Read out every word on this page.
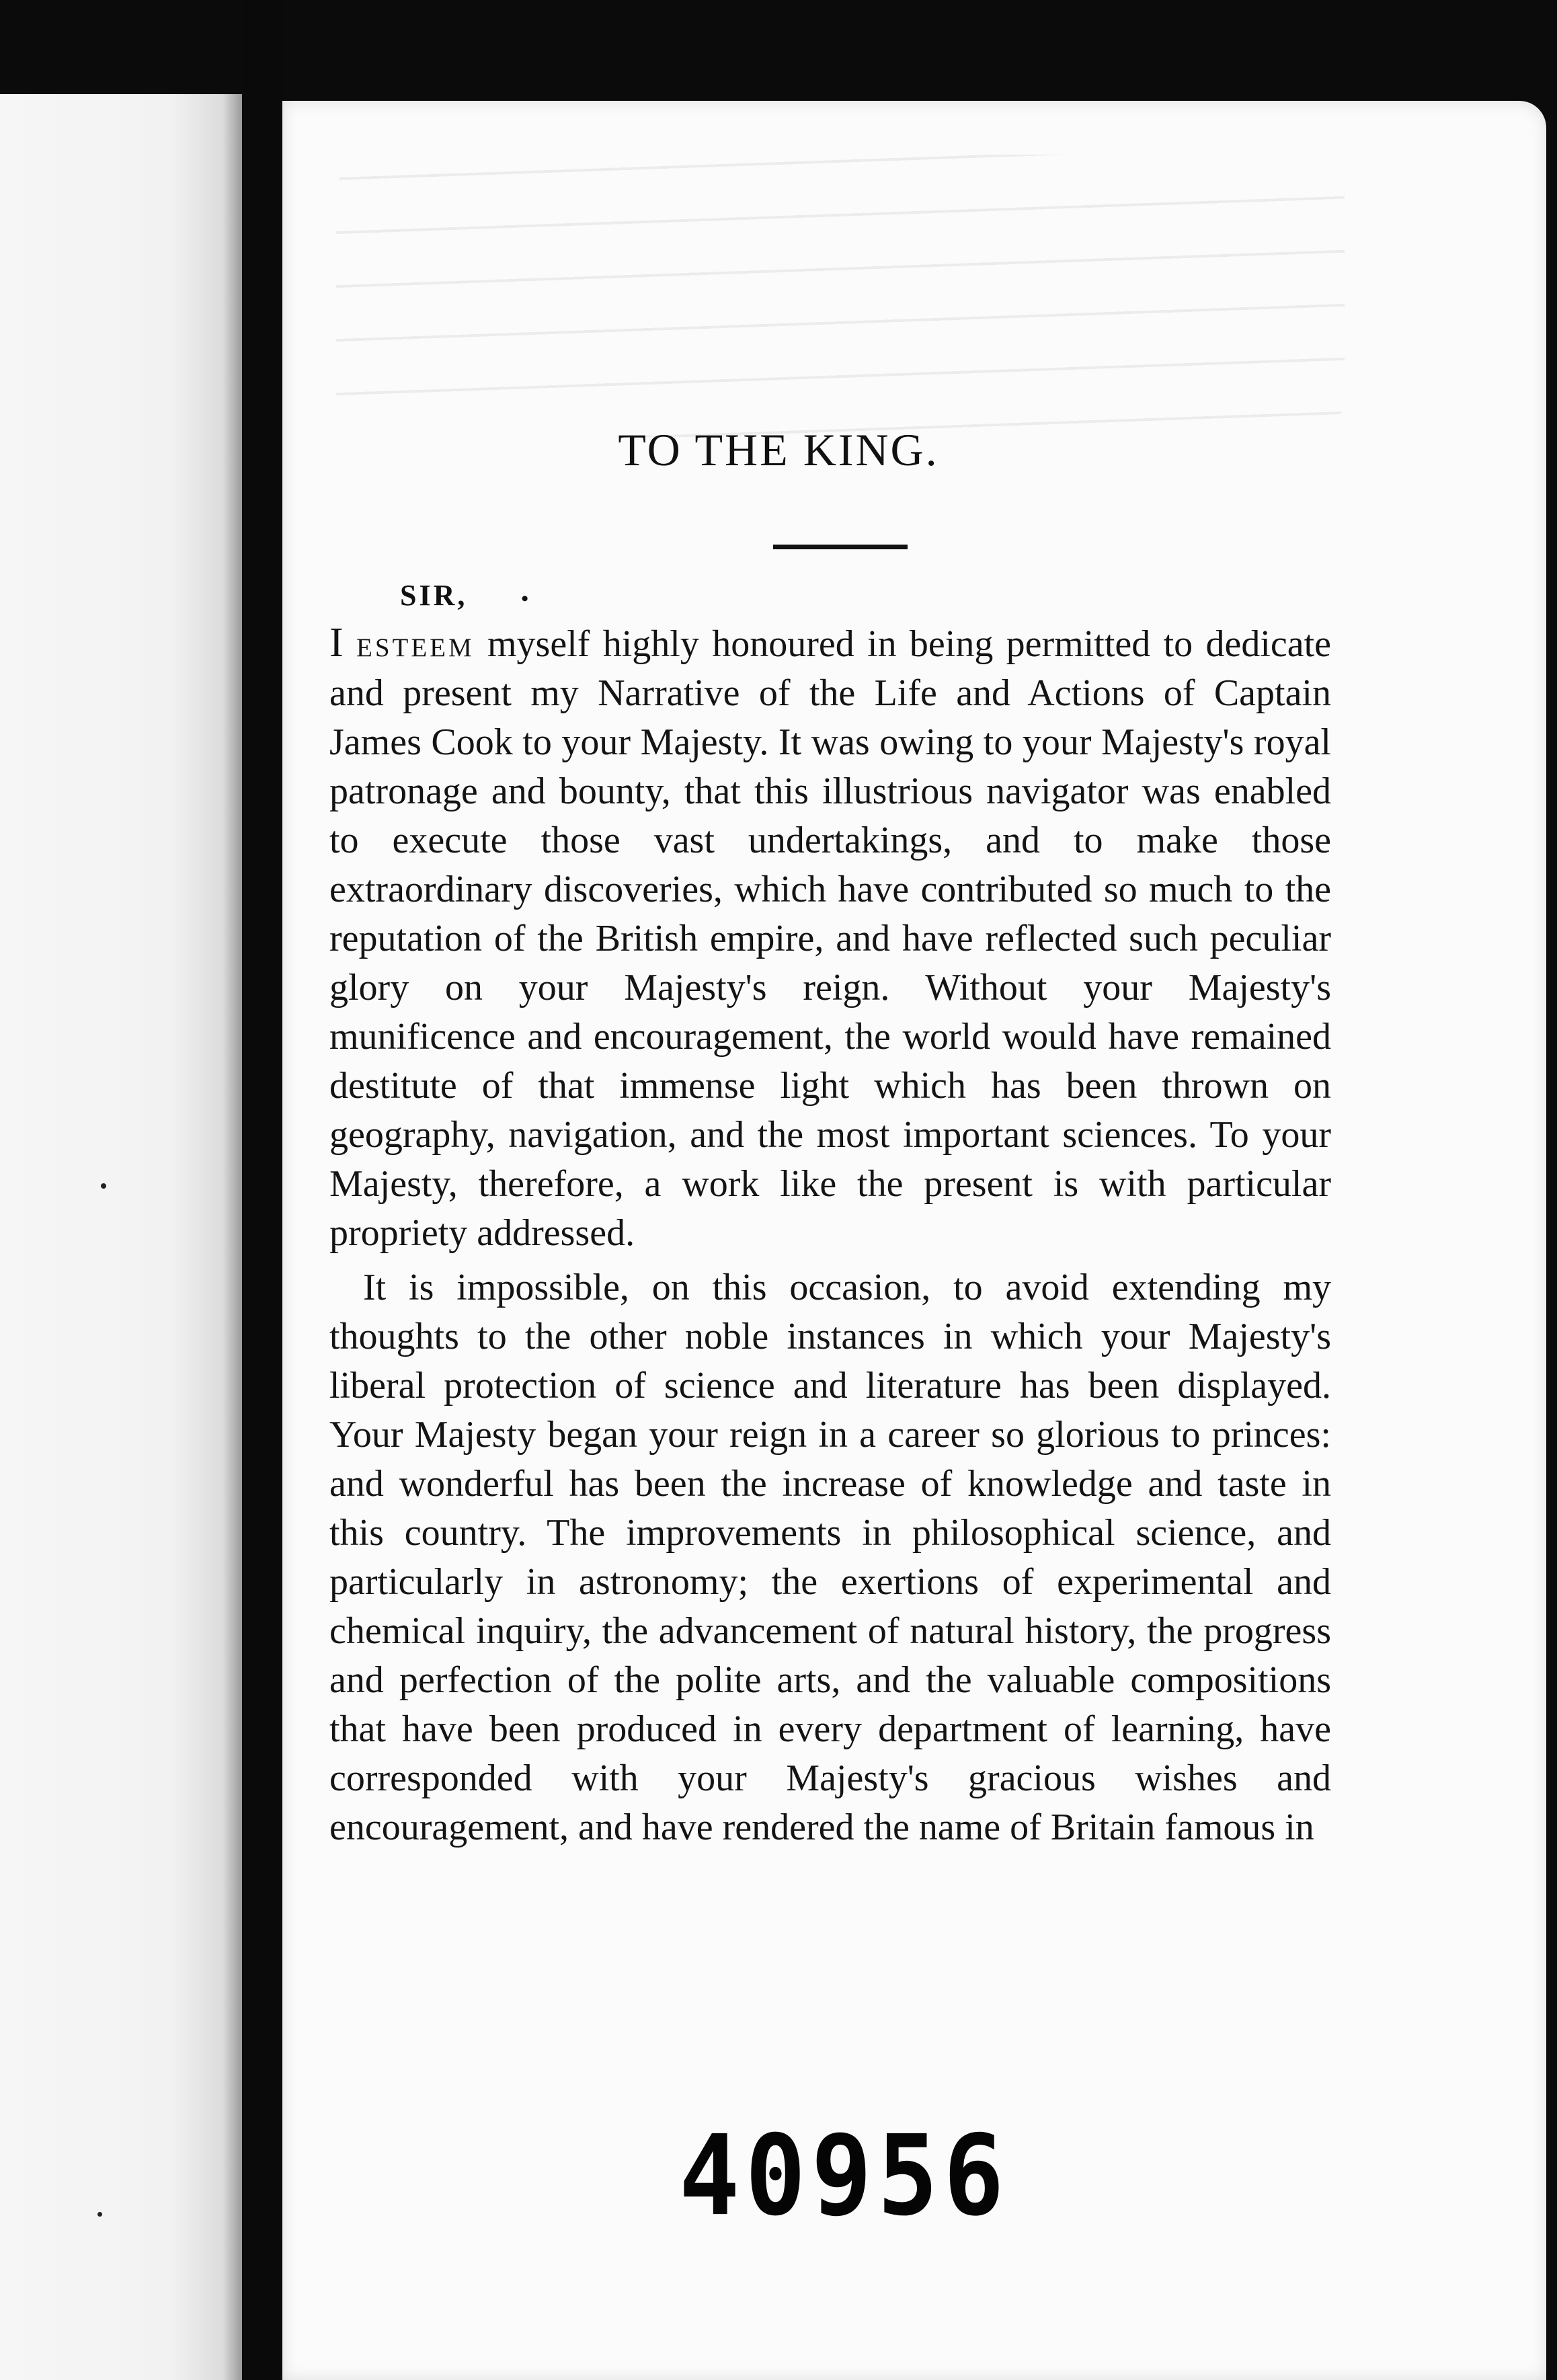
TO THE KING.
SIR,	•

I esteem myself highly honoured in being permitted to dedicate and present my Narrative of the Life and Actions of Captain James Cook to your Majesty. It was owing to your Majesty's royal patronage and bounty, that this illustrious navigator was enabled to execute those vast undertakings, and to make those extraordinary discoveries, which have contributed so much to the reputation of the British empire, and have reflected such peculiar glory on your Majesty's reign. Without your Majesty's munificence and encouragement, the world would have remained destitute of that immense light which has been thrown on geography, navigation, and the most important sciences. To your Majesty, therefore, a work like the present is with particular propriety addressed.

It is impossible, on this occasion, to avoid extending my thoughts to the other noble instances in which your Majesty's liberal protection of science and literature has been displayed. Your Majesty began your reign in a career so glorious to princes: and wonderful has been the increase of knowledge and taste in this country. The improvements in philosophical science, and particularly in astronomy; the exertions of experimental and chemical inquiry, the advancement of natural history, the progress and perfection of the polite arts, and the valuable compositions that have been produced in every department of learning, have corresponded with your Majesty's gracious wishes and encouragement, and have rendered the name of Britain famous in

40956
